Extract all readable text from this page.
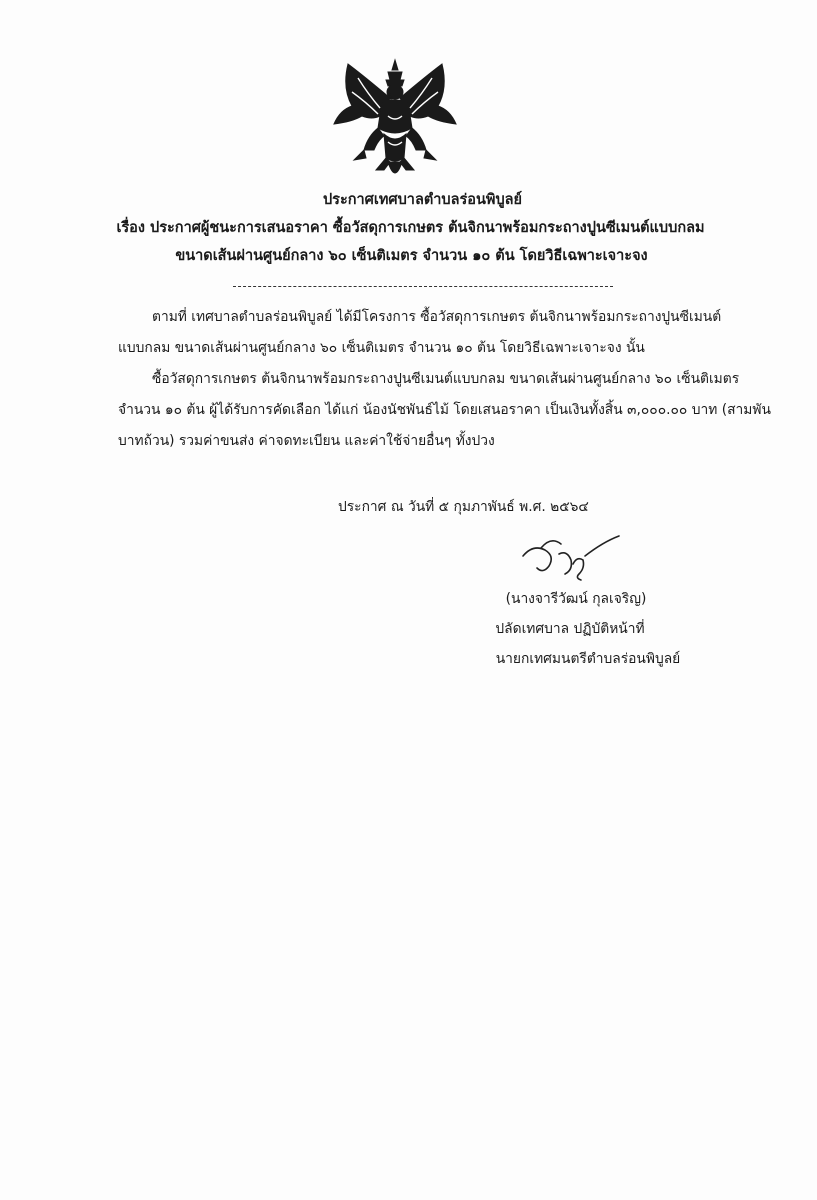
ประกาศเทศบาลตำบลร่อนพิบูลย์
เรื่อง ประกาศผู้ชนะการเสนอราคา ซื้อวัสดุการเกษตร ต้นจิกนาพร้อมกระถางปูนซีเมนต์แบบกลม
ขนาดเส้นผ่านศูนย์กลาง ๖๐ เซ็นติเมตร จำนวน ๑๐ ต้น โดยวิธีเฉพาะเจาะจง
ตามที่ เทศบาลตำบลร่อนพิบูลย์ ได้มีโครงการ ซื้อวัสดุการเกษตร ต้นจิกนาพร้อมกระถางปูนซีเมนต์
แบบกลม ขนาดเส้นผ่านศูนย์กลาง ๖๐ เซ็นติเมตร จำนวน ๑๐ ต้น โดยวิธีเฉพาะเจาะจง นั้น
ซื้อวัสดุการเกษตร ต้นจิกนาพร้อมกระถางปูนซีเมนต์แบบกลม ขนาดเส้นผ่านศูนย์กลาง ๖๐ เซ็นติเมตร
จำนวน ๑๐ ต้น ผู้ได้รับการคัดเลือก ได้แก่ น้องนัชพันธ์ไม้ โดยเสนอราคา เป็นเงินทั้งสิ้น ๓,๐๐๐.๐๐ บาท (สามพัน
บาทถ้วน) รวมค่าขนส่ง ค่าจดทะเบียน และค่าใช้จ่ายอื่นๆ ทั้งปวง
ประกาศ ณ วันที่ ๕ กุมภาพันธ์ พ.ศ. ๒๕๖๔
(นางจารีวัฒน์ กุลเจริญ)
ปลัดเทศบาล ปฏิบัติหน้าที่
นายกเทศมนตรีตำบลร่อนพิบูลย์
